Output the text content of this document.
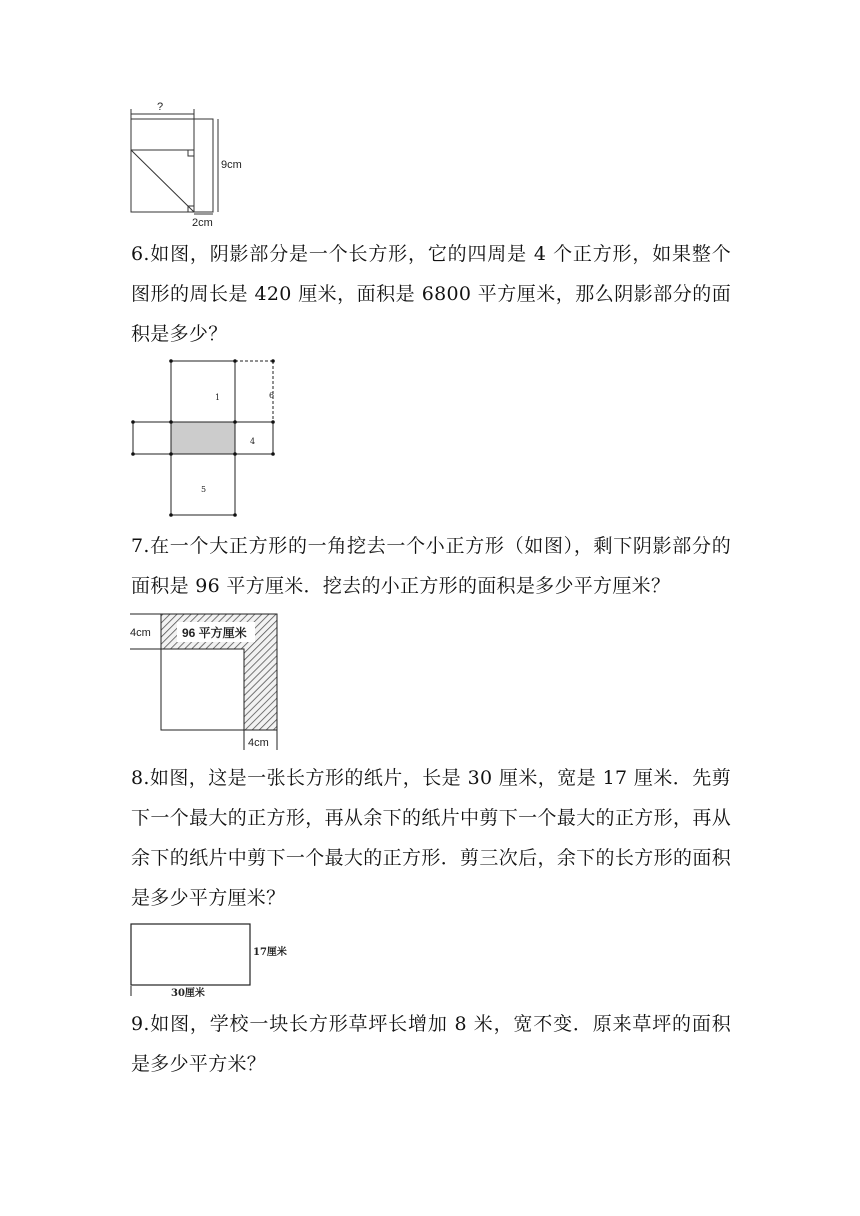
?
9cm
2cm

6.如图，阴影部分是一个长方形，它的四周是 4 个正方形，如果整个图形的周长是 420 厘米，面积是 6800 平方厘米，那么阴影部分的面积是多少？

1	6
4
5

7.在一个大正方形的一角挖去一个小正方形（如图），剩下阴影部分的面积是 96 平方厘米．挖去的小正方形的面积是多少平方厘米？

96 平方厘米
4cm
4cm

8.如图，这是一张长方形的纸片，长是 30 厘米，宽是 17 厘米．先剪下一个最大的正方形，再从余下的纸片中剪下一个最大的正方形，再从余下的纸片中剪下一个最大的正方形．剪三次后，余下的长方形的面积是多少平方厘米？

17厘米
30厘米

9.如图，学校一块长方形草坪长增加 8 米，宽不变．原来草坪的面积是多少平方米？
